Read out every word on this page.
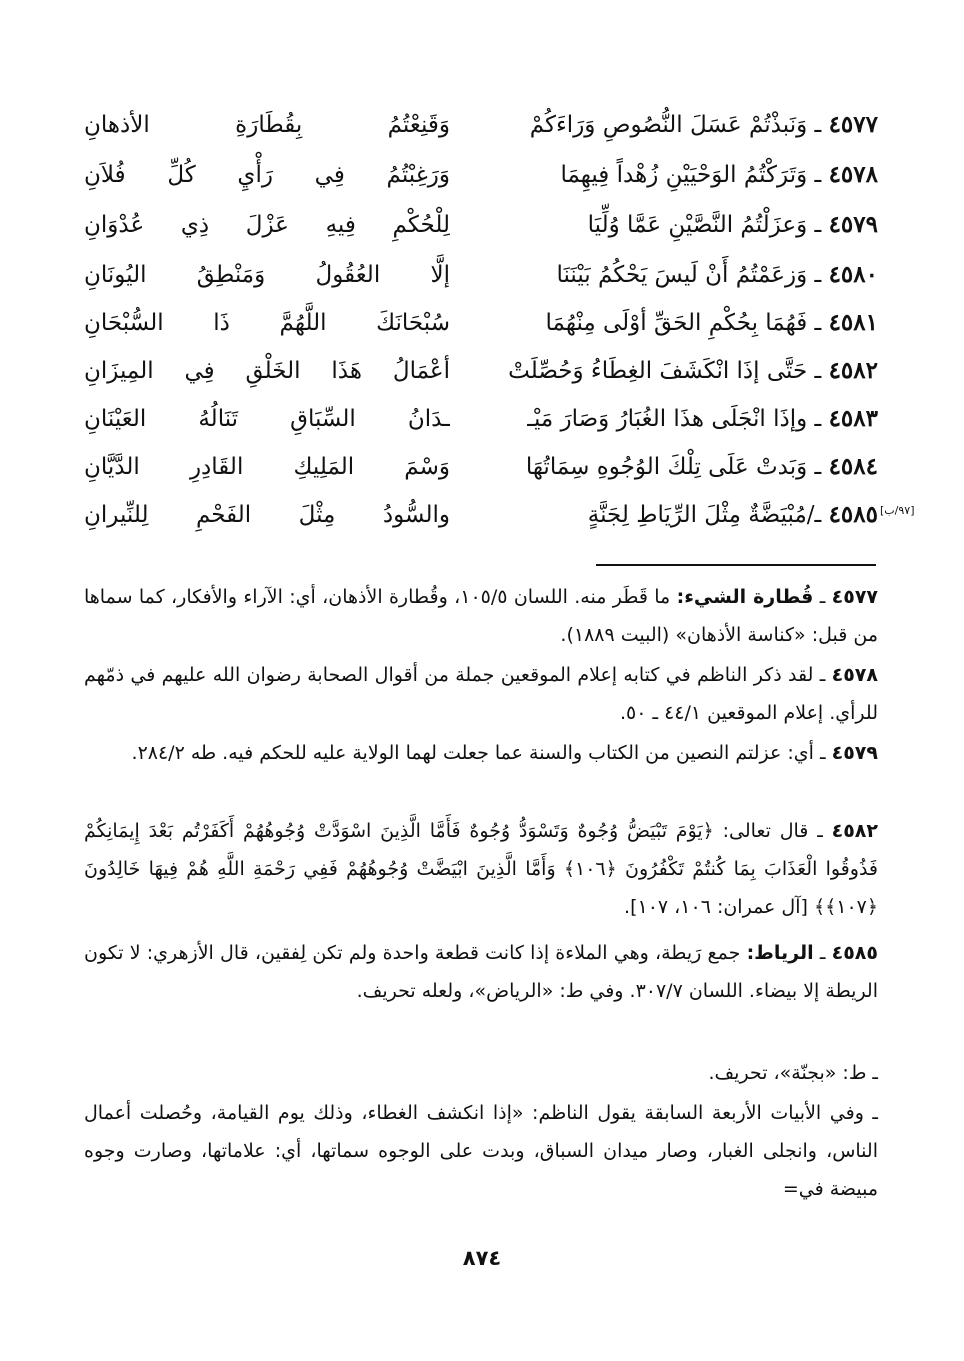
٤٥٧٧ ـ وَنَبذْتُمْ عَسَلَ النُّصُوصِ وَرَاءَكُمْ
وَقَنِعْتُمُ بِقُطَارَةِ الأذهانِ
٤٥٧٨ ـ وَتَرَكْتُمُ الوَحْيَيْنِ زُهْداً فِيهِمَا
وَرَغِبْتُمُ فِي رَأْيِ كُلِّ فُلاَنِ
٤٥٧٩ ـ وَعزَلْتُمُ النَّصَّيْنِ عَمَّا وُلِّيَا
لِلْحُكْمِ فِيهِ عَزْلَ ذِي عُدْوَانِ
٤٥٨٠ ـ وَزعَمْتُمُ أَنْ لَيسَ يَحْكُمُ بَيْنَنَا
إلَّا العُقُولُ وَمَنْطِقُ اليُونَانِ
٤٥٨١ ـ فَهُمَا بِحُكْمِ الحَقِّ أوْلَى مِنْهُمَا
سُبْحَانَكَ اللَّهُمَّ ذَا السُّبْحَانِ
٤٥٨٢ ـ حَتَّى إذَا انْكَشَفَ الغِطَاءُ وَحُصِّلَتْ
أعْمَالُ هَذَا الخَلْقِ فِي المِيزَانِ
٤٥٨٣ ـ وإذَا انْجَلَى هذَا الغُبَارُ وَصَارَ مَيْـ
ـدَانُ السِّبَاقِ تَنَالُهُ العَيْنَانِ
٤٥٨٤ ـ وَبَدتْ عَلَى تِلْكَ الوُجُوهِ سِمَاتُهَا
وَسْمَ المَلِيكِ القَادِرِ الدَّيَّانِ
[٩٧/ب]
٤٥٨٥ ـ/مُبْيَضَّةٌ مِثْلَ الرِّيَاطِ لِجَنَّةٍ
والسُّودُ مِثْلَ الفَحْمِ لِلنِّيرانِ
٤٥٧٧ ـ قُطارة الشيء: ما قَطَر منه. اللسان ١٠٥/٥، وقُطارة الأذهان، أي: الآراء والأفكار، كما سماها من قبل: «كناسة الأذهان» (البيت ١٨٨٩).
٤٥٧٨ ـ لقد ذكر الناظم في كتابه إعلام الموقعين جملة من أقوال الصحابة رضوان الله عليهم في ذمّهم للرأي. إعلام الموقعين ٤٤/١ ـ ٥٠.
٤٥٧٩ ـ أي: عزلتم النصين من الكتاب والسنة عما جعلت لهما الولاية عليه للحكم فيه. طه ٢٨٤/٢.
٤٥٨٢ ـ قال تعالى: ﴿يَوْمَ تَبْيَضُّ وُجُوهٌ وَتَسْوَدُّ وُجُوهٌ فَأَمَّا الَّذِينَ اسْوَدَّتْ وُجُوهُهُمْ أَكَفَرْتُم بَعْدَ إِيمَانِكُمْ فَذُوقُوا الْعَذَابَ بِمَا كُنتُمْ تَكْفُرُونَ ﴿١٠٦﴾ وَأَمَّا الَّذِينَ ابْيَضَّتْ وُجُوهُهُمْ فَفِي رَحْمَةِ اللَّهِ هُمْ فِيهَا خَالِدُونَ ﴿١٠٧﴾﴾ [آل عمران: ١٠٦، ١٠٧].
٤٥٨٥ ـ الرياط: جمع رَيطة، وهي الملاءة إذا كانت قطعة واحدة ولم تكن لِفقين، قال الأزهري: لا تكون الريطة إلا بيضاء. اللسان ٣٠٧/٧. وفي ط: «الرياض»، ولعله تحريف.
ـ ط: «بجنّة»، تحريف.
ـ وفي الأبيات الأربعة السابقة يقول الناظم: «إذا انكشف الغطاء، وذلك يوم القيامة، وحُصلت أعمال الناس، وانجلى الغبار، وصار ميدان السباق، وبدت على الوجوه سماتها، أي: علاماتها، وصارت وجوه مبيضة في=
٨٧٤
